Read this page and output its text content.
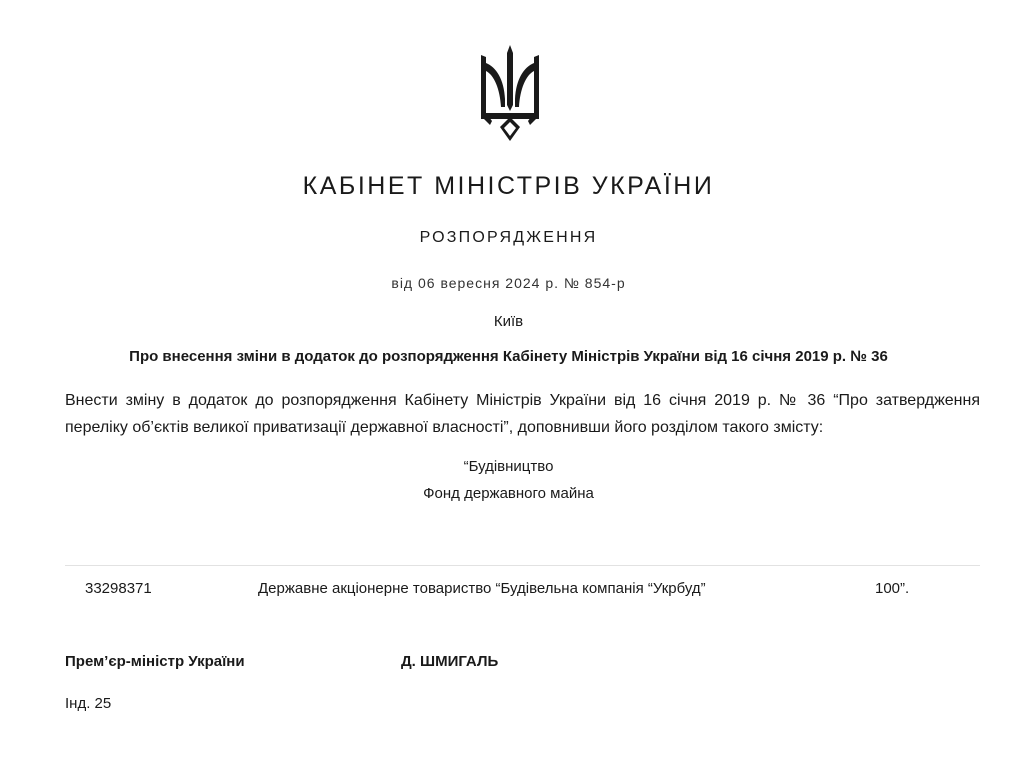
КАБІНЕТ МІНІСТРІВ УКРАЇНИ
РОЗПОРЯДЖЕННЯ
від 06 вересня 2024 р. № 854-р
Київ
Про внесення зміни в додаток до розпорядження Кабінету Міністрів України від 16 січня 2019 р. № 36
Внести зміну в додаток до розпорядження Кабінету Міністрів України від 16 січня 2019 р. № 36 “Про затвердження переліку об’єктів великої приватизації державної власності”, доповнивши його розділом такого змісту:
“Будівництво
Фонд державного майна
33298371	Державне акціонерне товариство “Будівельна компанія “Укрбуд”	100”.
Прем’єр-міністр України	Д. ШМИГАЛЬ
Інд. 25
